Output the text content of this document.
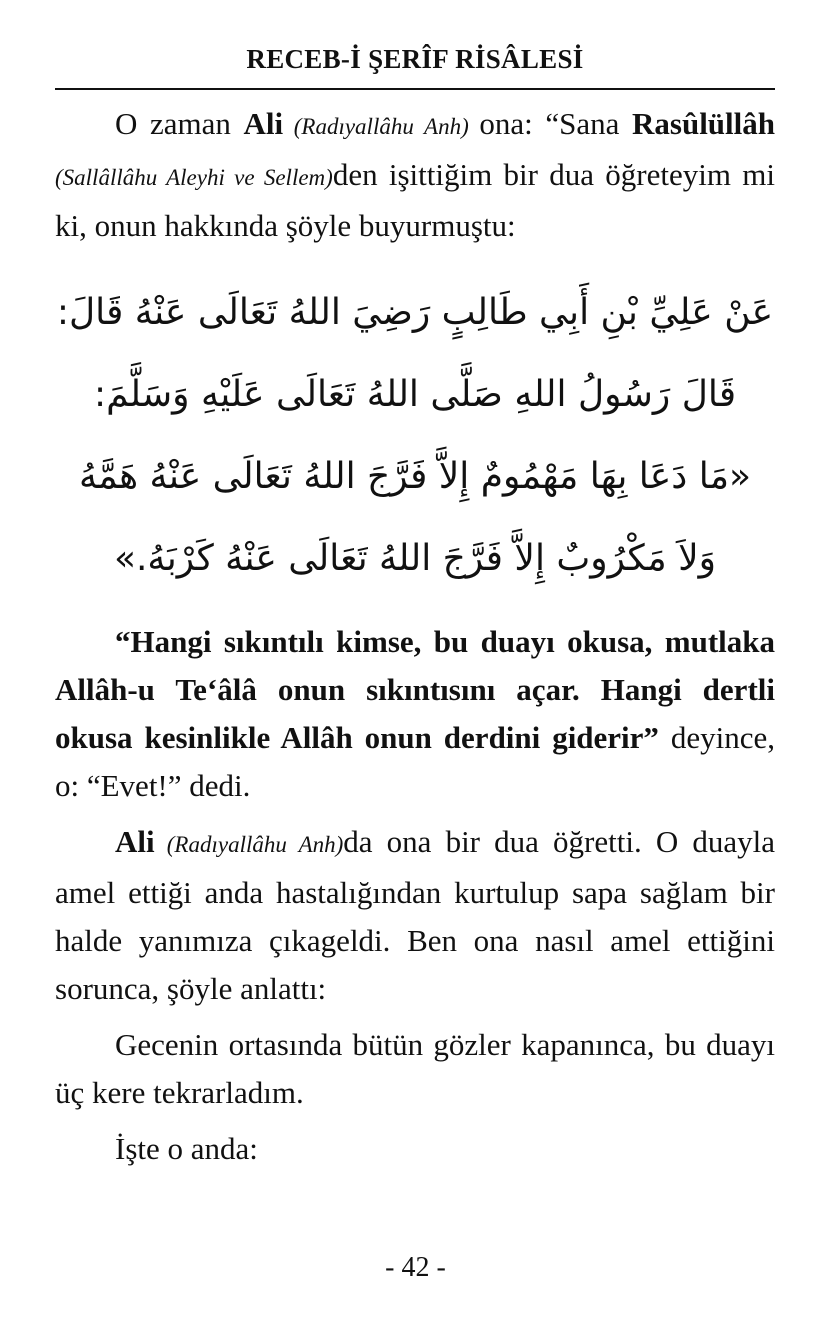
RECEB-İ ŞERÎF RİSÂLESİ

O zaman Ali (Radıyallâhu Anh) ona: “Sana Rasûlüllâh (Sallâllâhu Aleyhi ve Sellem)den işittiğim bir dua öğreteyim mi ki, onun hakkında şöyle buyurmuştu:

عَنْ عَلِيِّ بْنِ أَبِي طَالِبٍ رَضِيَ اللهُ تَعَالَى عَنْهُ قَالَ:
قَالَ رَسُولُ اللهِ صَلَّى اللهُ تَعَالَى عَلَيْهِ وَسَلَّمَ:
«مَا دَعَا بِهَا مَهْمُومٌ إِلاَّ فَرَّجَ اللهُ تَعَالَى عَنْهُ هَمَّهُ
وَلاَ مَكْرُوبٌ إِلاَّ فَرَّجَ اللهُ تَعَالَى عَنْهُ كَرْبَهُ.»

“Hangi sıkıntılı kimse, bu duayı okusa, mutlaka Allâh-u Te‘âlâ onun sıkıntısını açar. Hangi dertli okusa kesinlikle Allâh onun derdini giderir” deyince, o: “Evet!” dedi.

Ali (Radıyallâhu Anh)da ona bir dua öğretti. O duayla amel ettiği anda hastalığından kurtulup sapa sağlam bir halde yanımıza çıkageldi. Ben ona nasıl amel ettiğini sorunca, şöyle anlattı:

Gecenin ortasında bütün gözler kapanınca, bu duayı üç kere tekrarladım.

İşte o anda:

- 42 -
